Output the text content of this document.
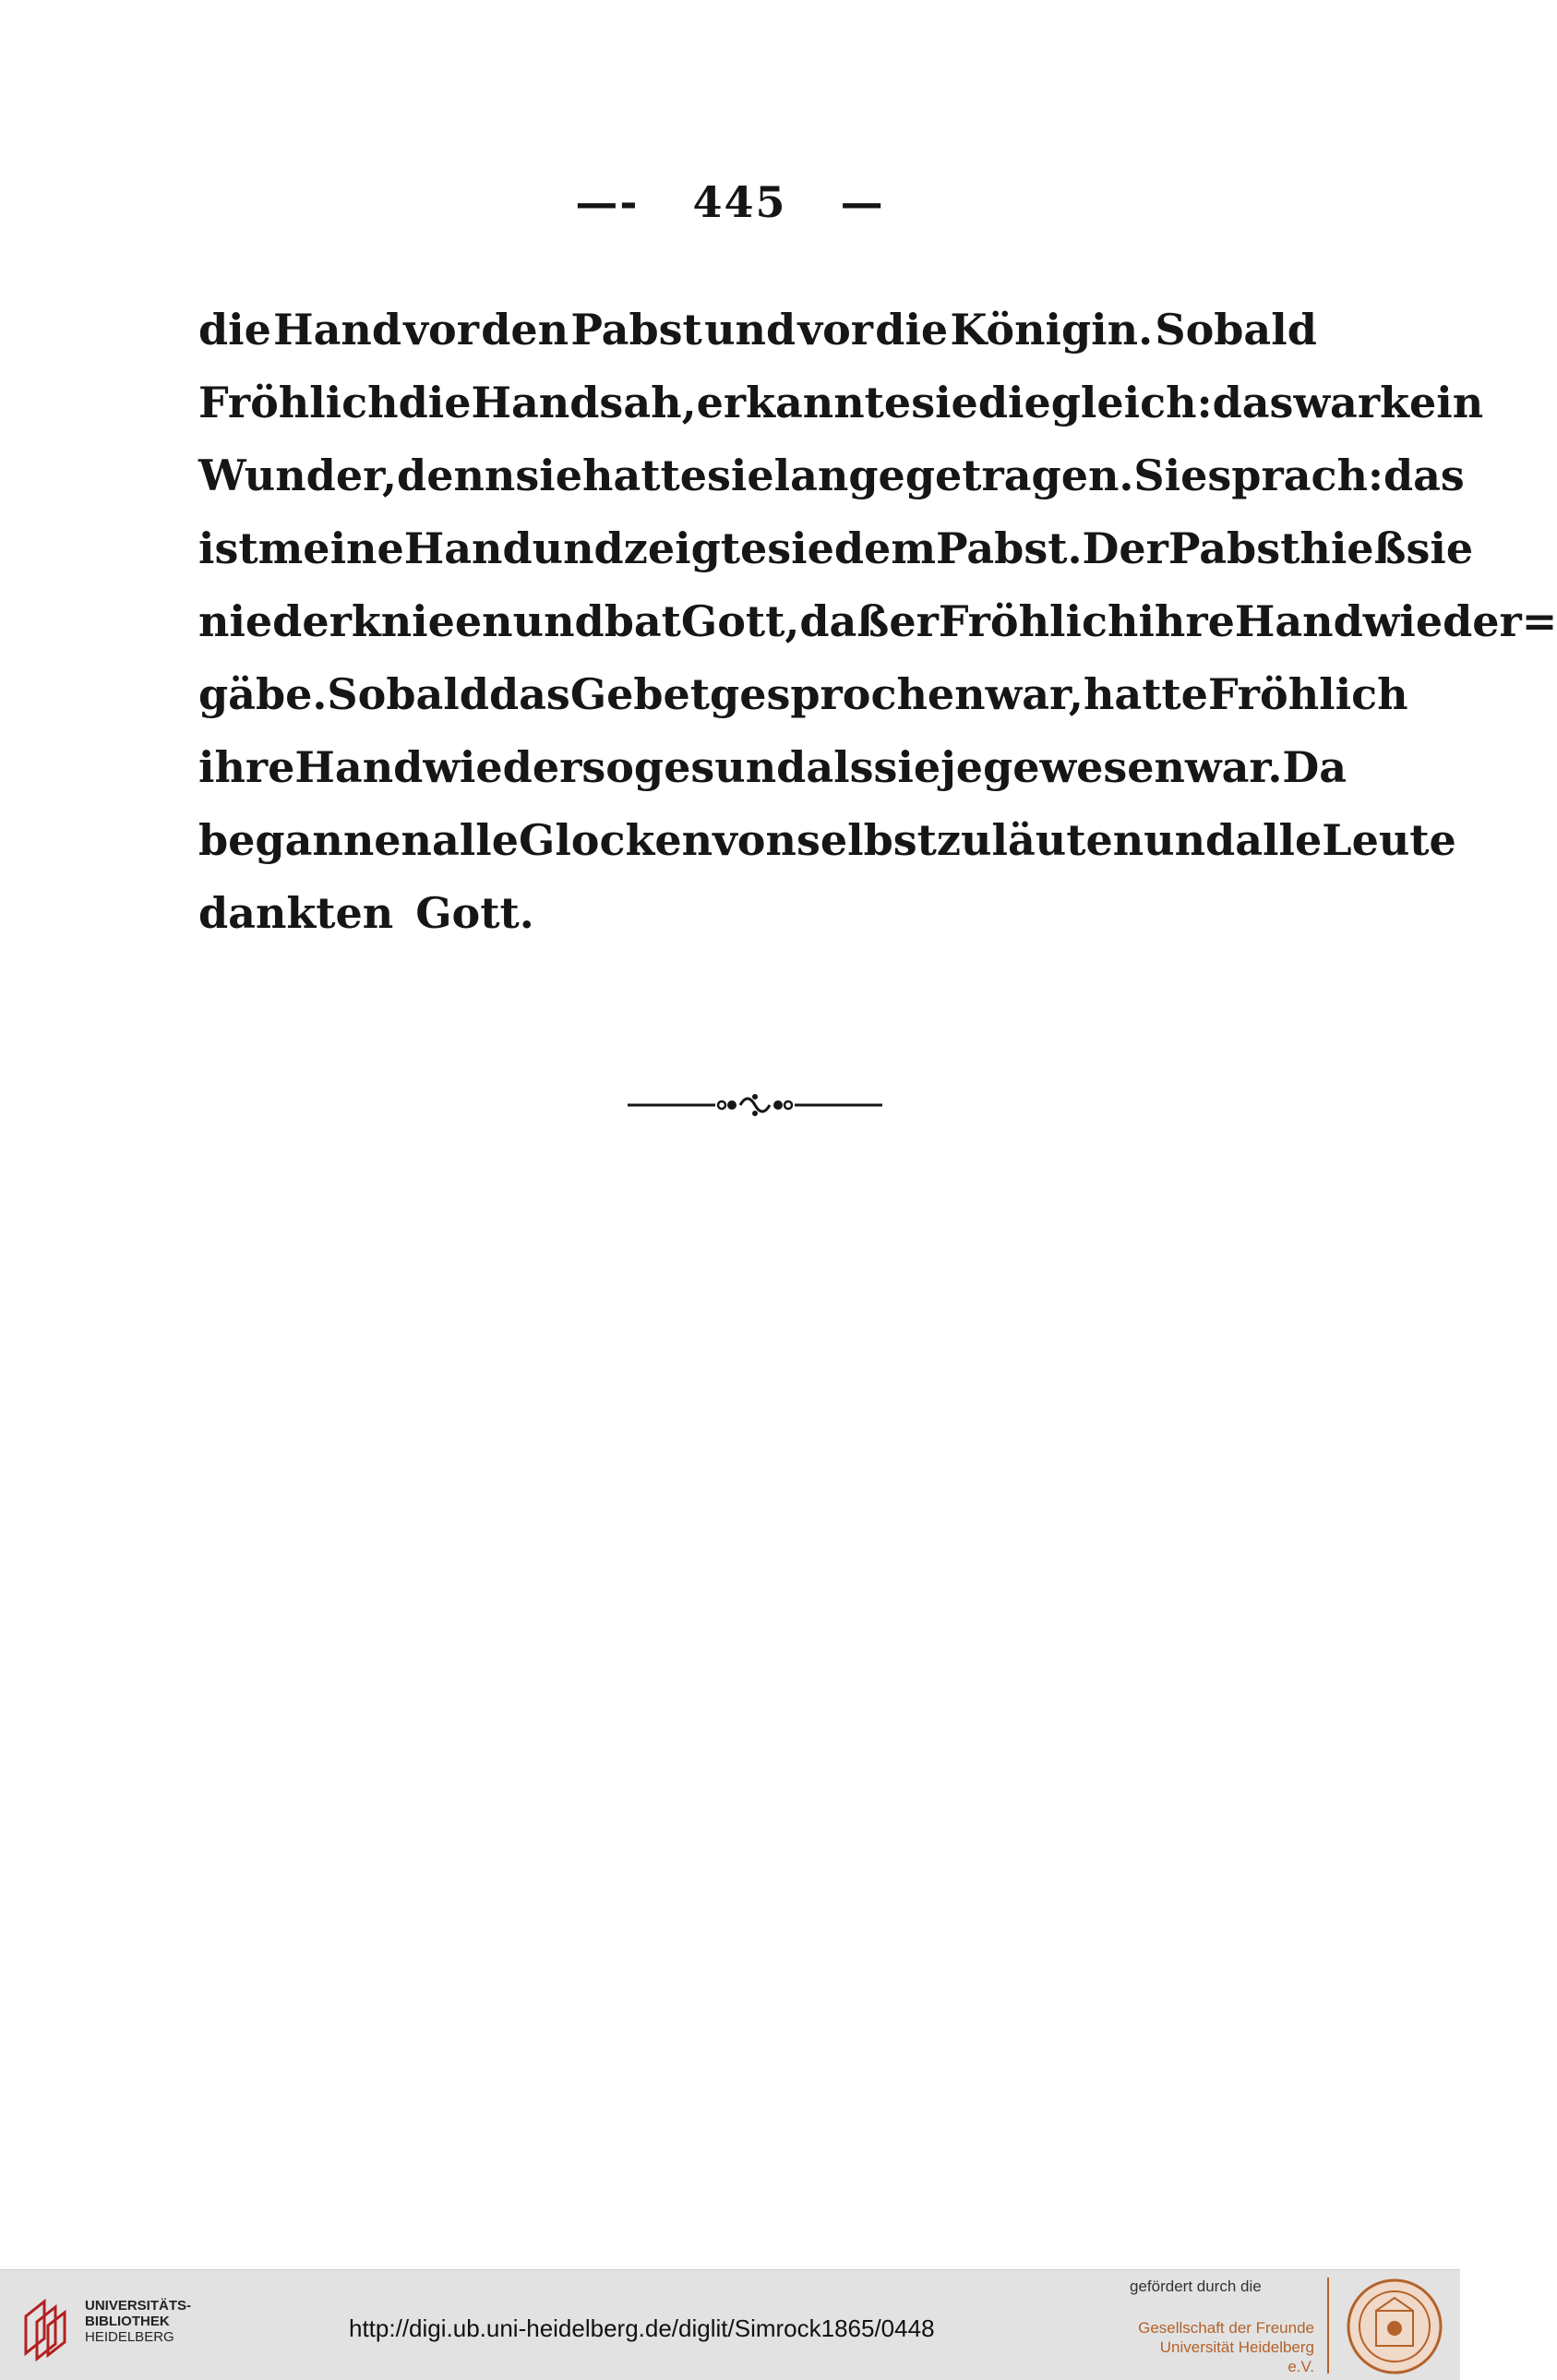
—- 445 —
die Hand vor den Pabst und vor die Königin. Sobald
Fröhlich die Hand sah, erkannte sie die gleich: das war kein
Wunder, denn sie hatte sie lange getragen. Sie sprach: das
ist meine Hand und zeigte sie dem Pabst. Der Pabst hieß sie
niederknieen und bat Gott, daß er Fröhlich ihre Hand wieder=
gäbe. Sobald das Gebet gesprochen war, hatte Fröhlich
ihre Hand wieder so gesund als sie je gewesen war. Da
begannen alle Glocken von selbst zu läuten und alle Leute
dankten Gott.
UNIVERSITÄTS-
BIBLIOTHEK
HEIDELBERG	http://digi.ub.uni-heidelberg.de/diglit/Simrock1865/0448
gefördert durch die
Gesellschaft der Freunde
Universität Heidelberg e.V.
